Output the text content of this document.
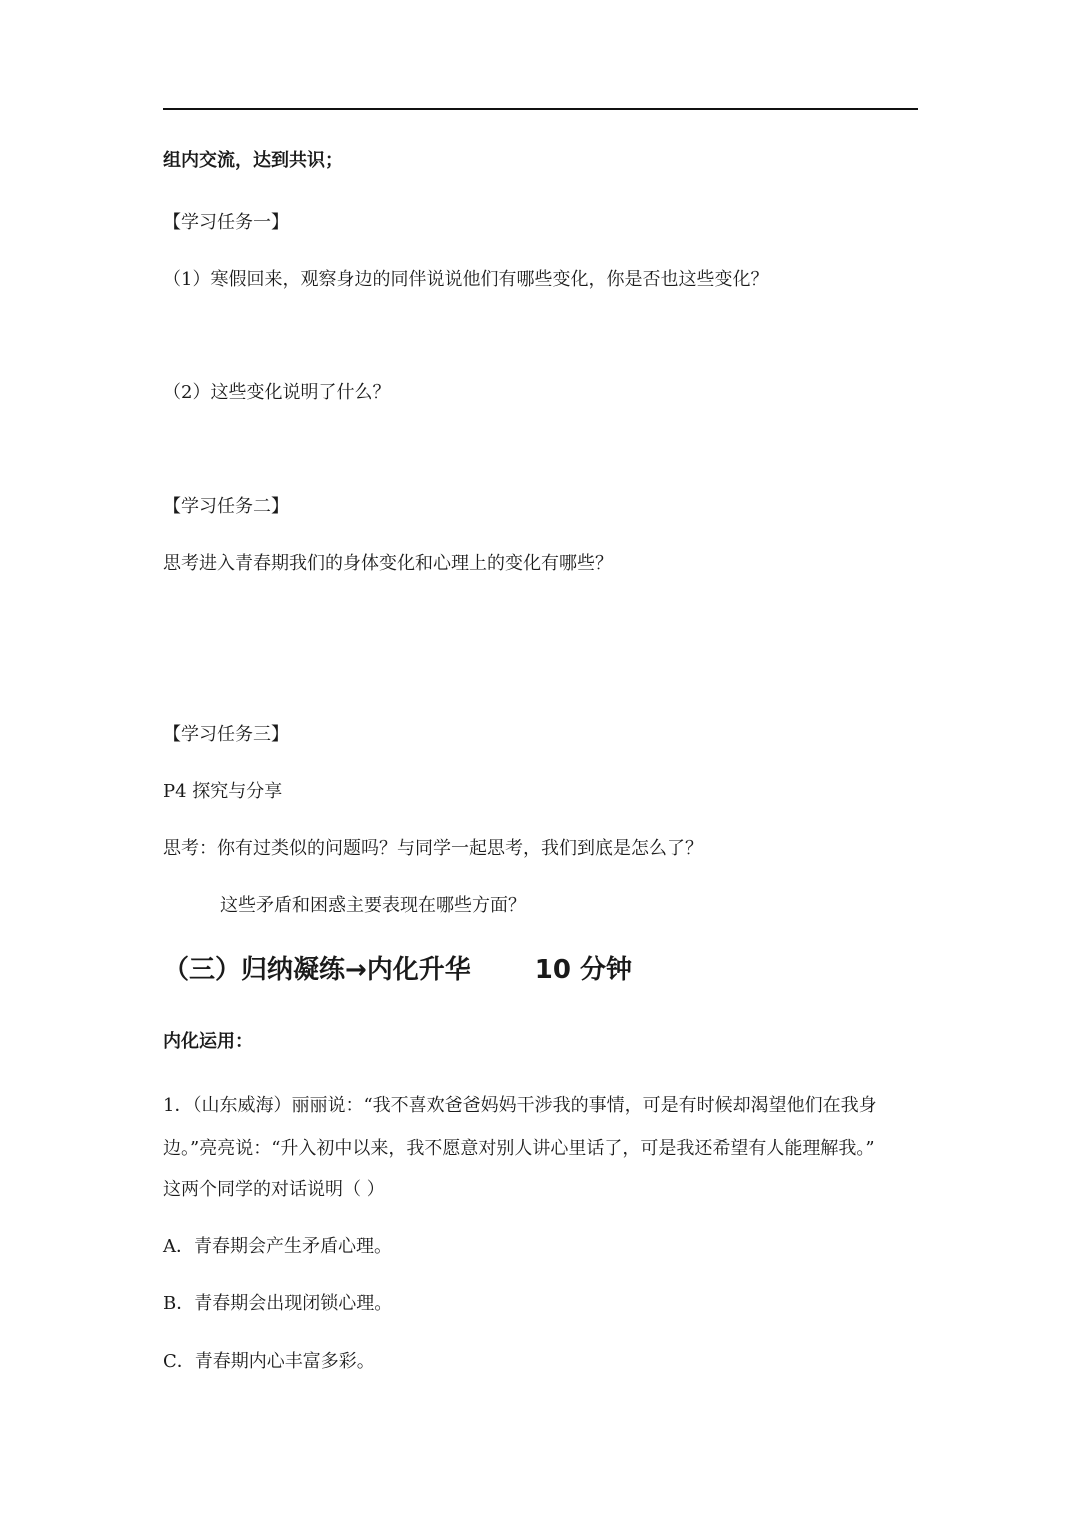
组内交流，达到共识；
【学习任务一】
（1）寒假回来，观察身边的同伴说说他们有哪些变化，你是否也这些变化？
（2）这些变化说明了什么？
【学习任务二】
思考进入青春期我们的身体变化和心理上的变化有哪些？
【学习任务三】
P4 探究与分享
思考：你有过类似的问题吗？与同学一起思考，我们到底是怎么了？
这些矛盾和困惑主要表现在哪些方面？
（三）归纳凝练→内化升华 10 分钟
内化运用：
1．（山东威海）丽丽说：“我不喜欢爸爸妈妈干涉我的事情，可是有时候却渴望他们在我身
边。”亮亮说：“升入初中以来，我不愿意对别人讲心里话了，可是我还希望有人能理解我。”
这两个同学的对话说明（ ）
A．青春期会产生矛盾心理。
B．青春期会出现闭锁心理。
C．青春期内心丰富多彩。
